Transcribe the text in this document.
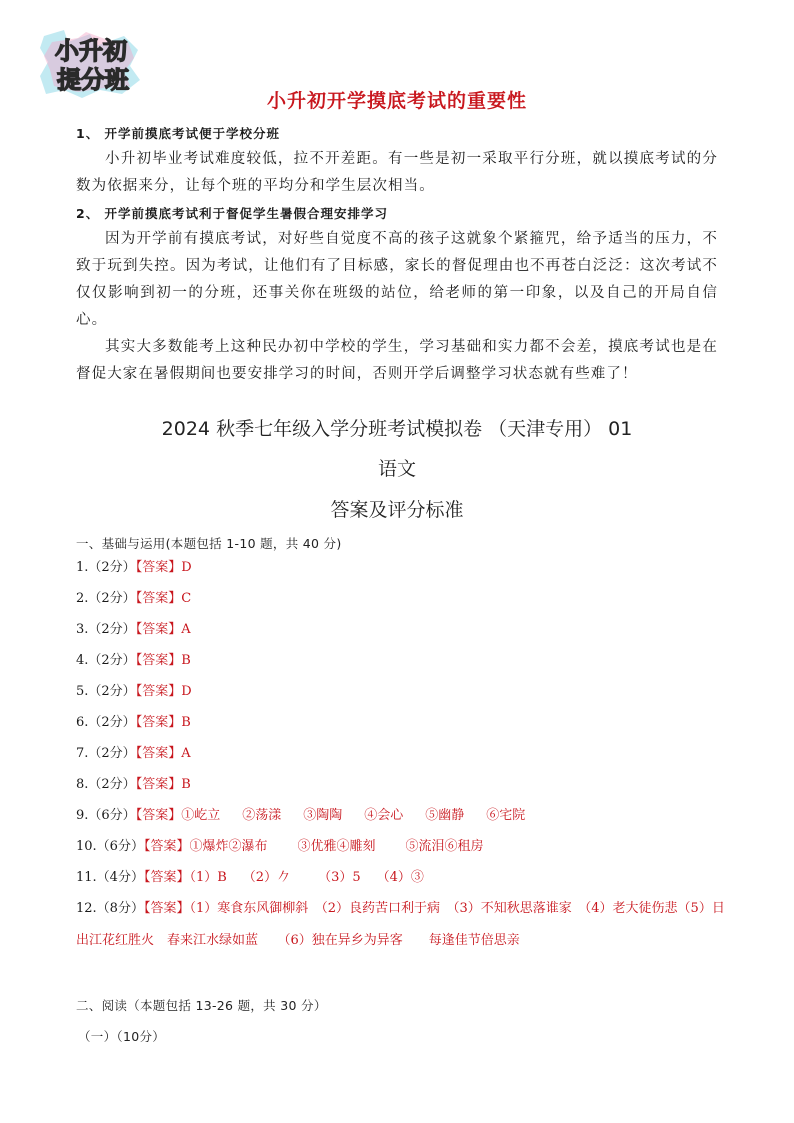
小升初
提分班
小升初开学摸底考试的重要性
1、 开学前摸底考试便于学校分班
小升初毕业考试难度较低，拉不开差距。有一些是初一采取平行分班，就以摸底考试的分数为依据来分，让每个班的平均分和学生层次相当。
2、 开学前摸底考试利于督促学生暑假合理安排学习
因为开学前有摸底考试，对好些自觉度不高的孩子这就象个紧箍咒，给予适当的压力，不致于玩到失控。因为考试，让他们有了目标感，家长的督促理由也不再苍白泛泛：这次考试不仅仅影响到初一的分班，还事关你在班级的站位，给老师的第一印象，以及自己的开局自信心。
其实大多数能考上这种民办初中学校的学生，学习基础和实力都不会差，摸底考试也是在督促大家在暑假期间也要安排学习的时间，否则开学后调整学习状态就有些难了！
2024 秋季七年级入学分班考试模拟卷 （天津专用） 01
语文
答案及评分标准
一、基础与运用(本题包括 1-10 题，共 40 分)
1.（2分）【答案】D
2.（2分）【答案】C
3.（2分）【答案】A
4.（2分）【答案】B
5.（2分）【答案】D
6.（2分）【答案】B
7.（2分）【答案】A
8.（2分）【答案】B
9.（6分）【答案】①屹立 ②荡漾 ③陶陶 ④会心 ⑤幽静 ⑥宅院
10.（6分）【答案】①爆炸②瀑布 ③优雅④雕刻 ⑤流泪⑥租房
11.（4分）【答案】（1）B （2）𠂊 （3）5 （4）③
12.（8分）【答案】（1）寒食东风御柳斜　（2）良药苦口利于病　（3）不知秋思落谁家　（4）老大徒伤悲（5）日出江花红胜火　春来江水绿如蓝　　（6）独在异乡为异客　　每逢佳节倍思亲
二、阅读（本题包括 13-26 题，共 30 分）
（一）（10分）
